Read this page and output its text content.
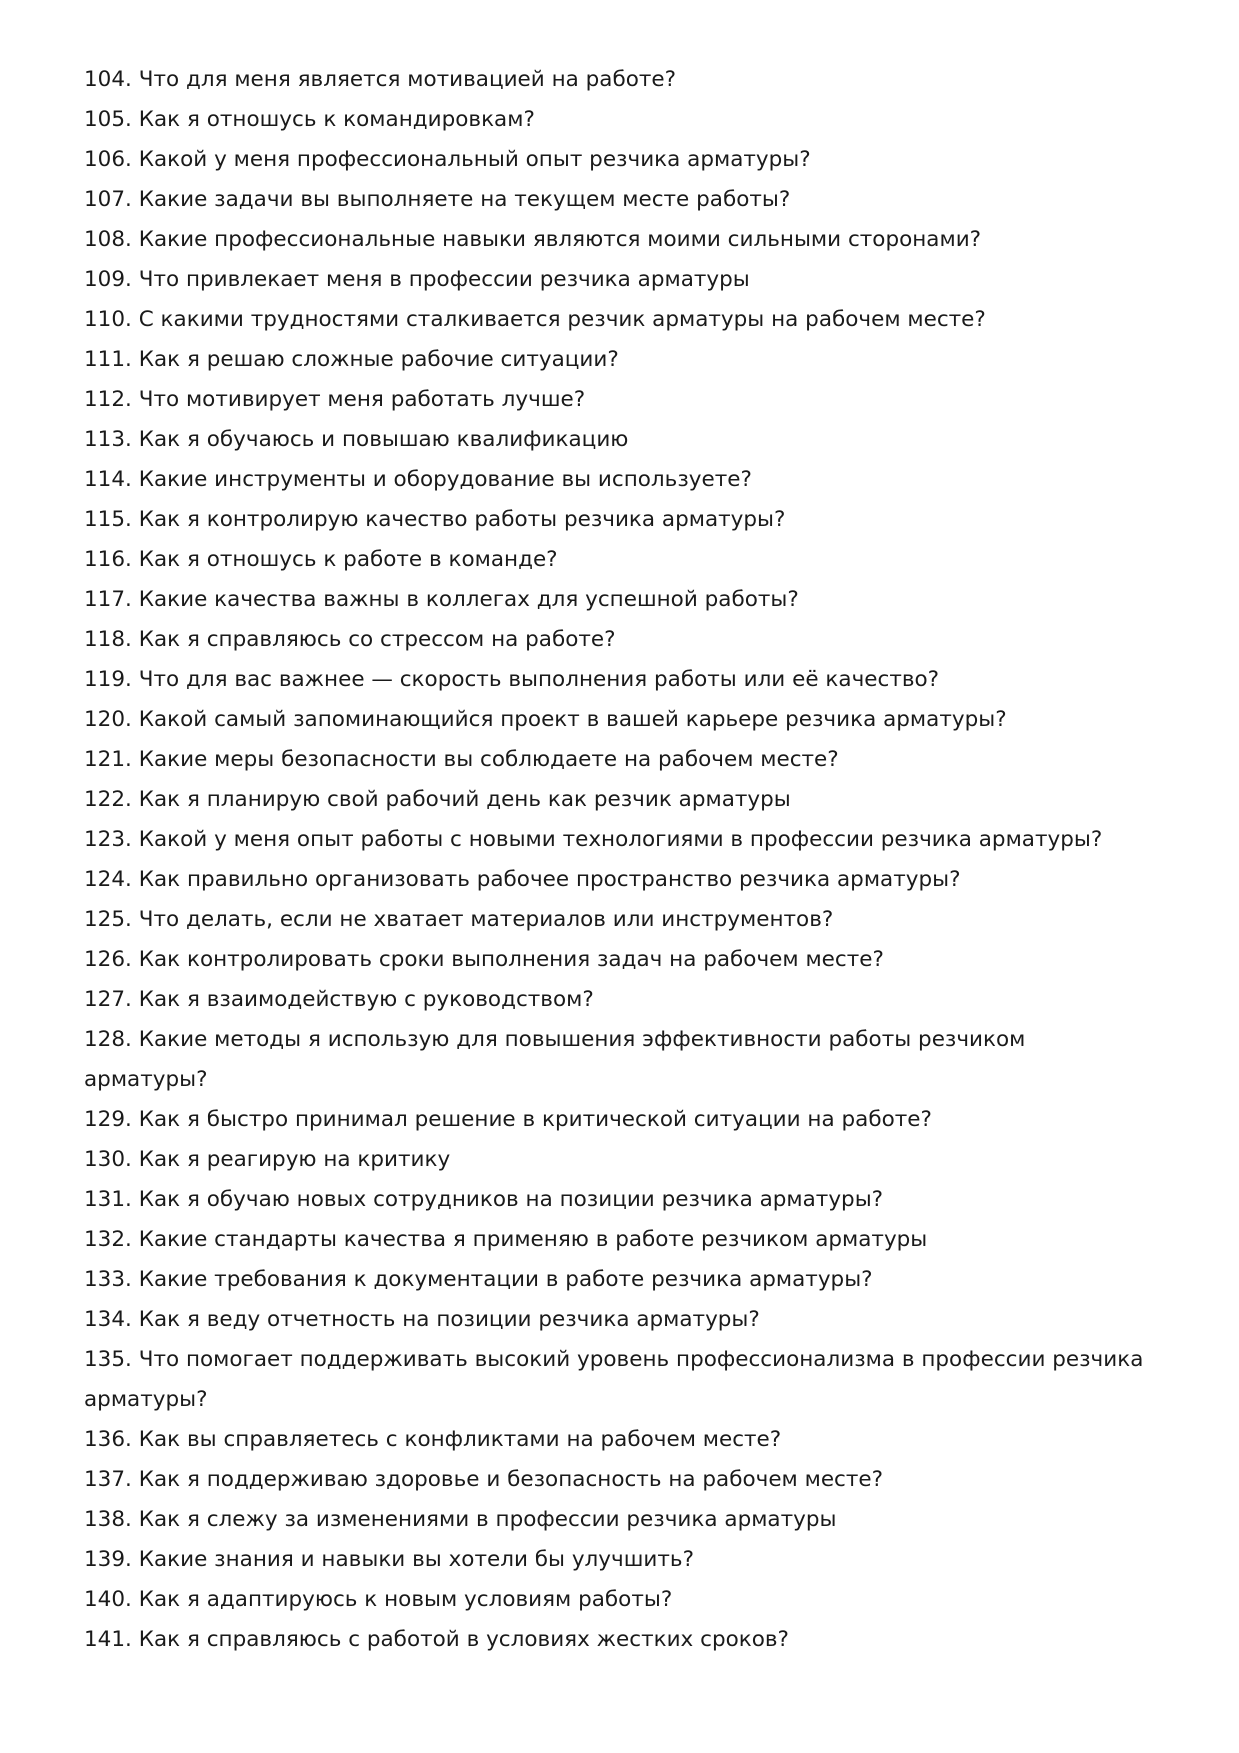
104. Что для меня является мотивацией на работе?
105. Как я отношусь к командировкам?
106. Какой у меня профессиональный опыт резчика арматуры?
107. Какие задачи вы выполняете на текущем месте работы?
108. Какие профессиональные навыки являются моими сильными сторонами?
109. Что привлекает меня в профессии резчика арматуры
110. С какими трудностями сталкивается резчик арматуры на рабочем месте?
111. Как я решаю сложные рабочие ситуации?
112. Что мотивирует меня работать лучше?
113. Как я обучаюсь и повышаю квалификацию
114. Какие инструменты и оборудование вы используете?
115. Как я контролирую качество работы резчика арматуры?
116. Как я отношусь к работе в команде?
117. Какие качества важны в коллегах для успешной работы?
118. Как я справляюсь со стрессом на работе?
119. Что для вас важнее — скорость выполнения работы или её качество?
120. Какой самый запоминающийся проект в вашей карьере резчика арматуры?
121. Какие меры безопасности вы соблюдаете на рабочем месте?
122. Как я планирую свой рабочий день как резчик арматуры
123. Какой у меня опыт работы с новыми технологиями в профессии резчика арматуры?
124. Как правильно организовать рабочее пространство резчика арматуры?
125. Что делать, если не хватает материалов или инструментов?
126. Как контролировать сроки выполнения задач на рабочем месте?
127. Как я взаимодействую с руководством?
128. Какие методы я использую для повышения эффективности работы резчиком
арматуры?
129. Как я быстро принимал решение в критической ситуации на работе?
130. Как я реагирую на критику
131. Как я обучаю новых сотрудников на позиции резчика арматуры?
132. Какие стандарты качества я применяю в работе резчиком арматуры
133. Какие требования к документации в работе резчика арматуры?
134. Как я веду отчетность на позиции резчика арматуры?
135. Что помогает поддерживать высокий уровень профессионализма в профессии резчика
арматуры?
136. Как вы справляетесь с конфликтами на рабочем месте?
137. Как я поддерживаю здоровье и безопасность на рабочем месте?
138. Как я слежу за изменениями в профессии резчика арматуры
139. Какие знания и навыки вы хотели бы улучшить?
140. Как я адаптируюсь к новым условиям работы?
141. Как я справляюсь с работой в условиях жестких сроков?
